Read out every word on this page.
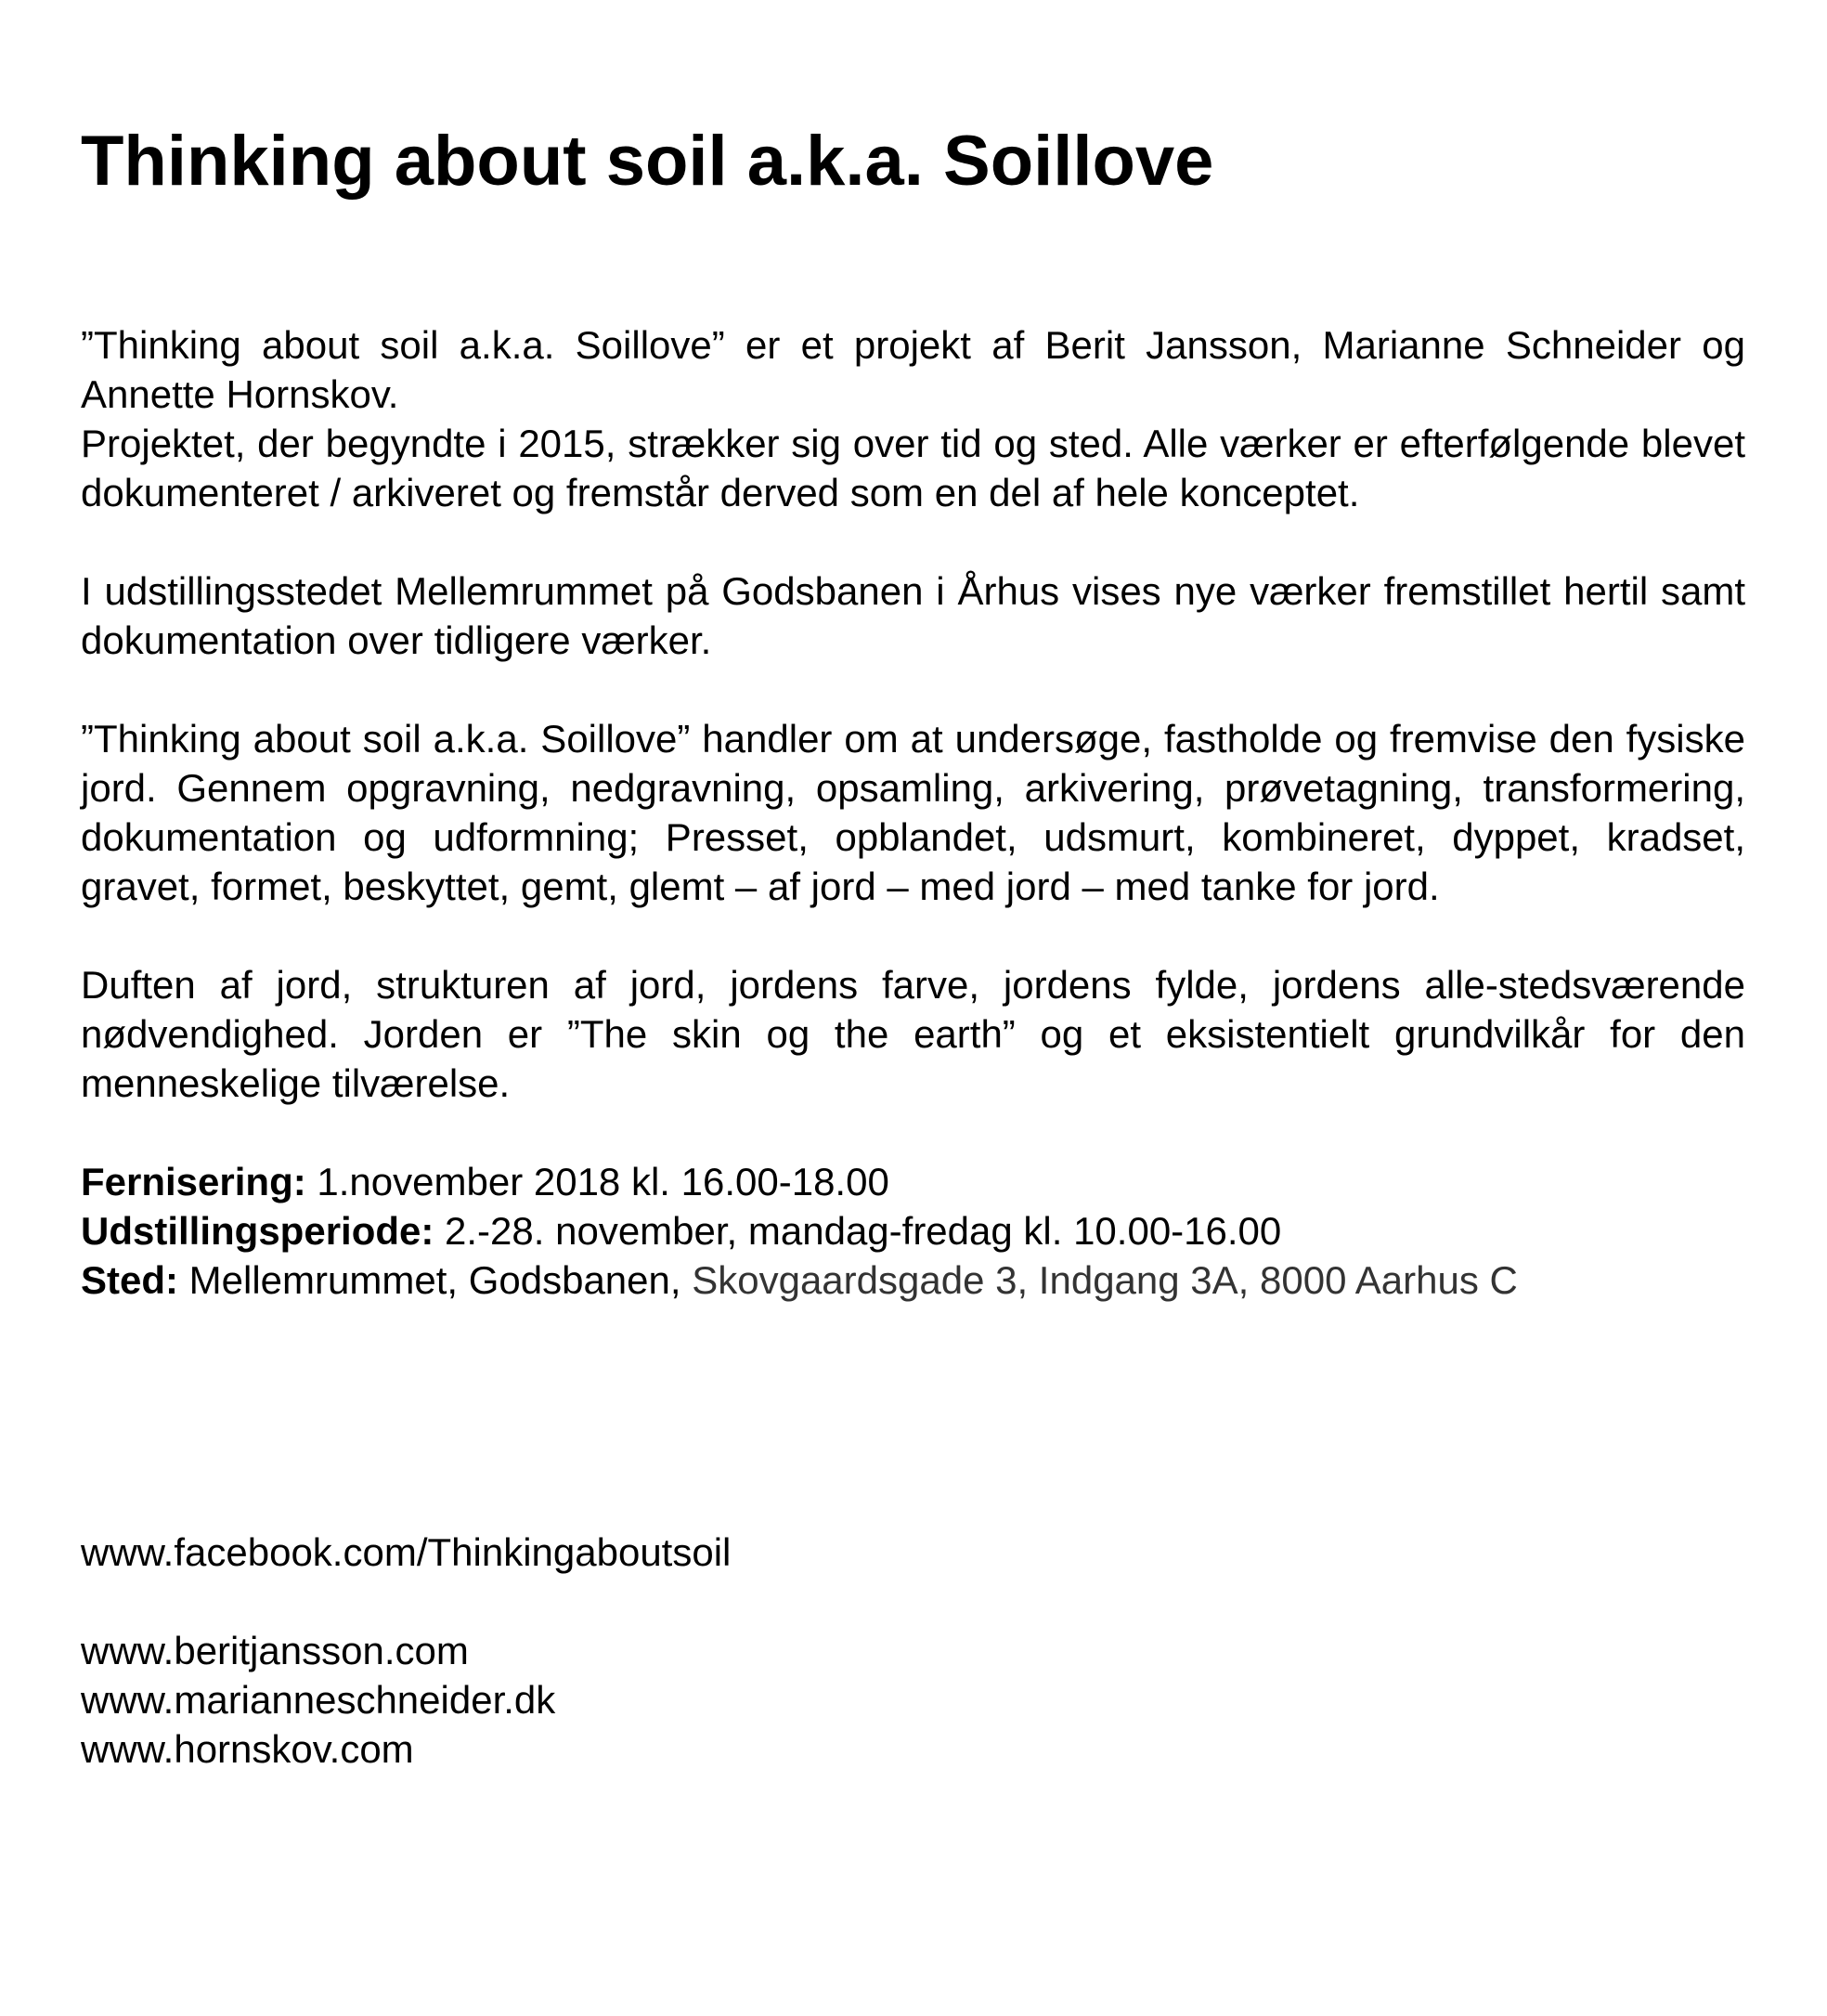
Thinking about soil a.k.a. Soillove

”Thinking about soil a.k.a. Soillove” er et projekt af Berit Jansson, Marianne Schneider og Annette Hornskov.

Projektet, der begyndte i 2015, strækker sig over tid og sted. Alle værker er efterfølgende blevet dokumenteret / arkiveret og fremstår derved som en del af hele konceptet.

I udstillingsstedet Mellemrummet på Godsbanen i Århus vises nye værker fremstillet hertil samt dokumentation over tidligere værker.

”Thinking about soil a.k.a. Soillove” handler om at undersøge, fastholde og fremvise den fysiske jord. Gennem opgravning, nedgravning, opsamling, arkivering, prøvetagning, transformering, dokumentation og udformning; Presset, opblandet, udsmurt, kombineret, dyppet, kradset, gravet, formet, beskyttet, gemt, glemt – af jord – med jord – med tanke for jord.

Duften af jord, strukturen af jord, jordens farve, jordens fylde, jordens alle-stedsværende nødvendighed. Jorden er ”The skin og the earth” og et eksistentielt grundvilkår for den menneskelige tilværelse.

Fernisering: 1.november 2018 kl. 16.00-18.00
Udstillingsperiode: 2.-28. november, mandag-fredag kl. 10.00-16.00
Sted: Mellemrummet, Godsbanen, Skovgaardsgade 3, Indgang 3A, 8000 Aarhus C
www.facebook.com/Thinkingaboutsoil
www.beritjansson.com
www.marianneschneider.dk
www.hornskov.com
